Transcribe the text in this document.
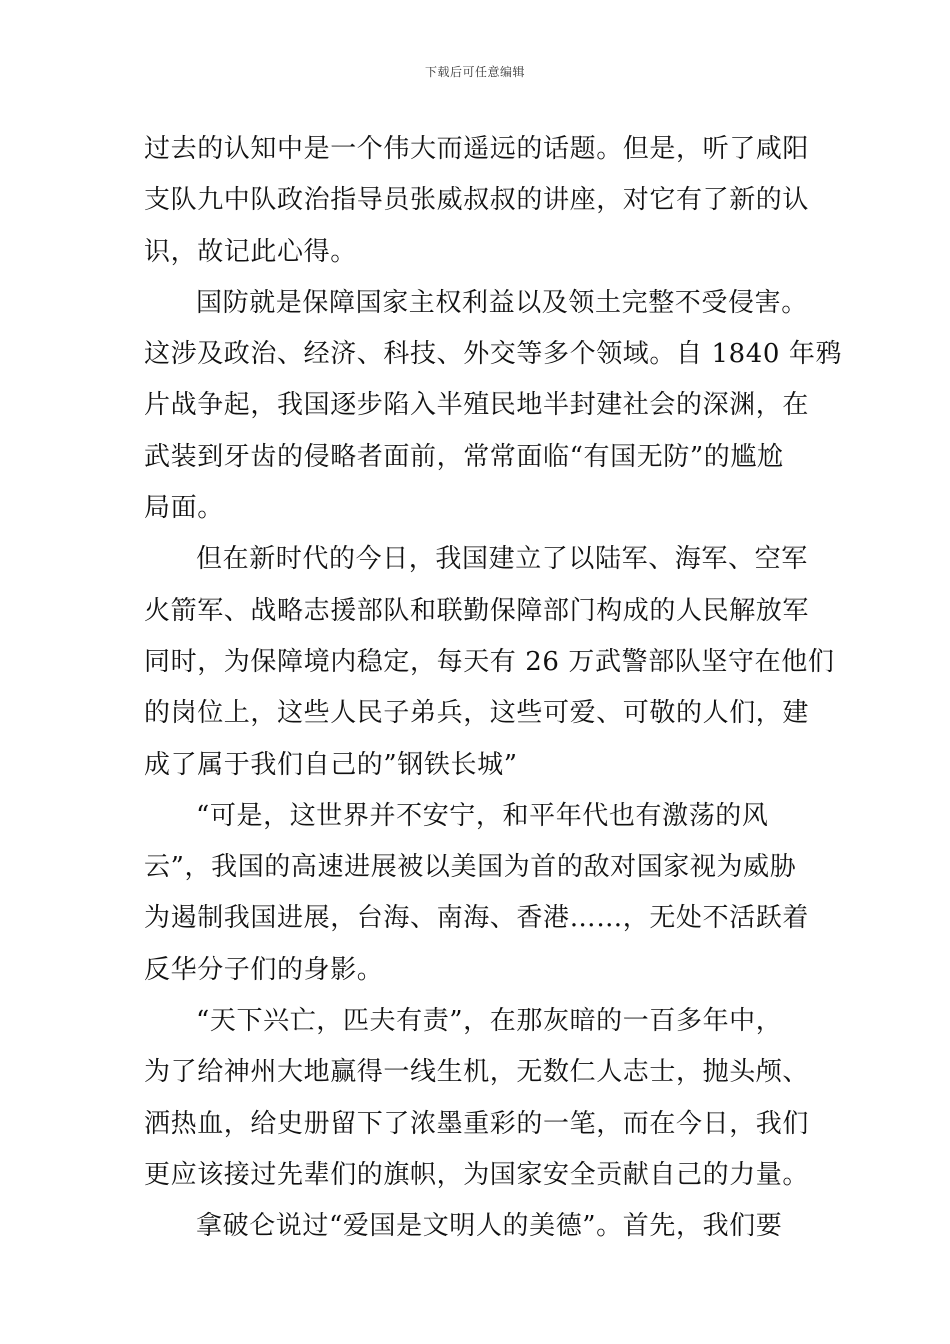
下载后可任意编辑
过去的认知中是一个伟大而遥远的话题。但是，听了咸阳
支队九中队政治指导员张威叔叔的讲座，对它有了新的认
识，故记此心得。
国防就是保障国家主权利益以及领土完整不受侵害。
这涉及政治、经济、科技、外交等多个领域。自 1840 年鸦
片战争起，我国逐步陷入半殖民地半封建社会的深渊，在
武装到牙齿的侵略者面前，常常面临“有国无防”的尴尬
局面。
但在新时代的今日，我国建立了以陆军、海军、空军
火箭军、战略志援部队和联勤保障部门构成的人民解放军
同时，为保障境内稳定，每天有 26 万武警部队坚守在他们
的岗位上，这些人民子弟兵，这些可爱、可敬的人们，建
成了属于我们自己的”钢铁长城”
“可是，这世界并不安宁，和平年代也有激荡的风
云”，我国的高速进展被以美国为首的敌对国家视为威胁
为遏制我国进展，台海、南海、香港……，无处不活跃着
反华分子们的身影。
“天下兴亡，匹夫有责”，在那灰暗的一百多年中，
为了给神州大地赢得一线生机，无数仁人志士，抛头颅、
洒热血，给史册留下了浓墨重彩的一笔，而在今日，我们
更应该接过先辈们的旗帜，为国家安全贡献自己的力量。
拿破仑说过“爱国是文明人的美德”。首先，我们要
